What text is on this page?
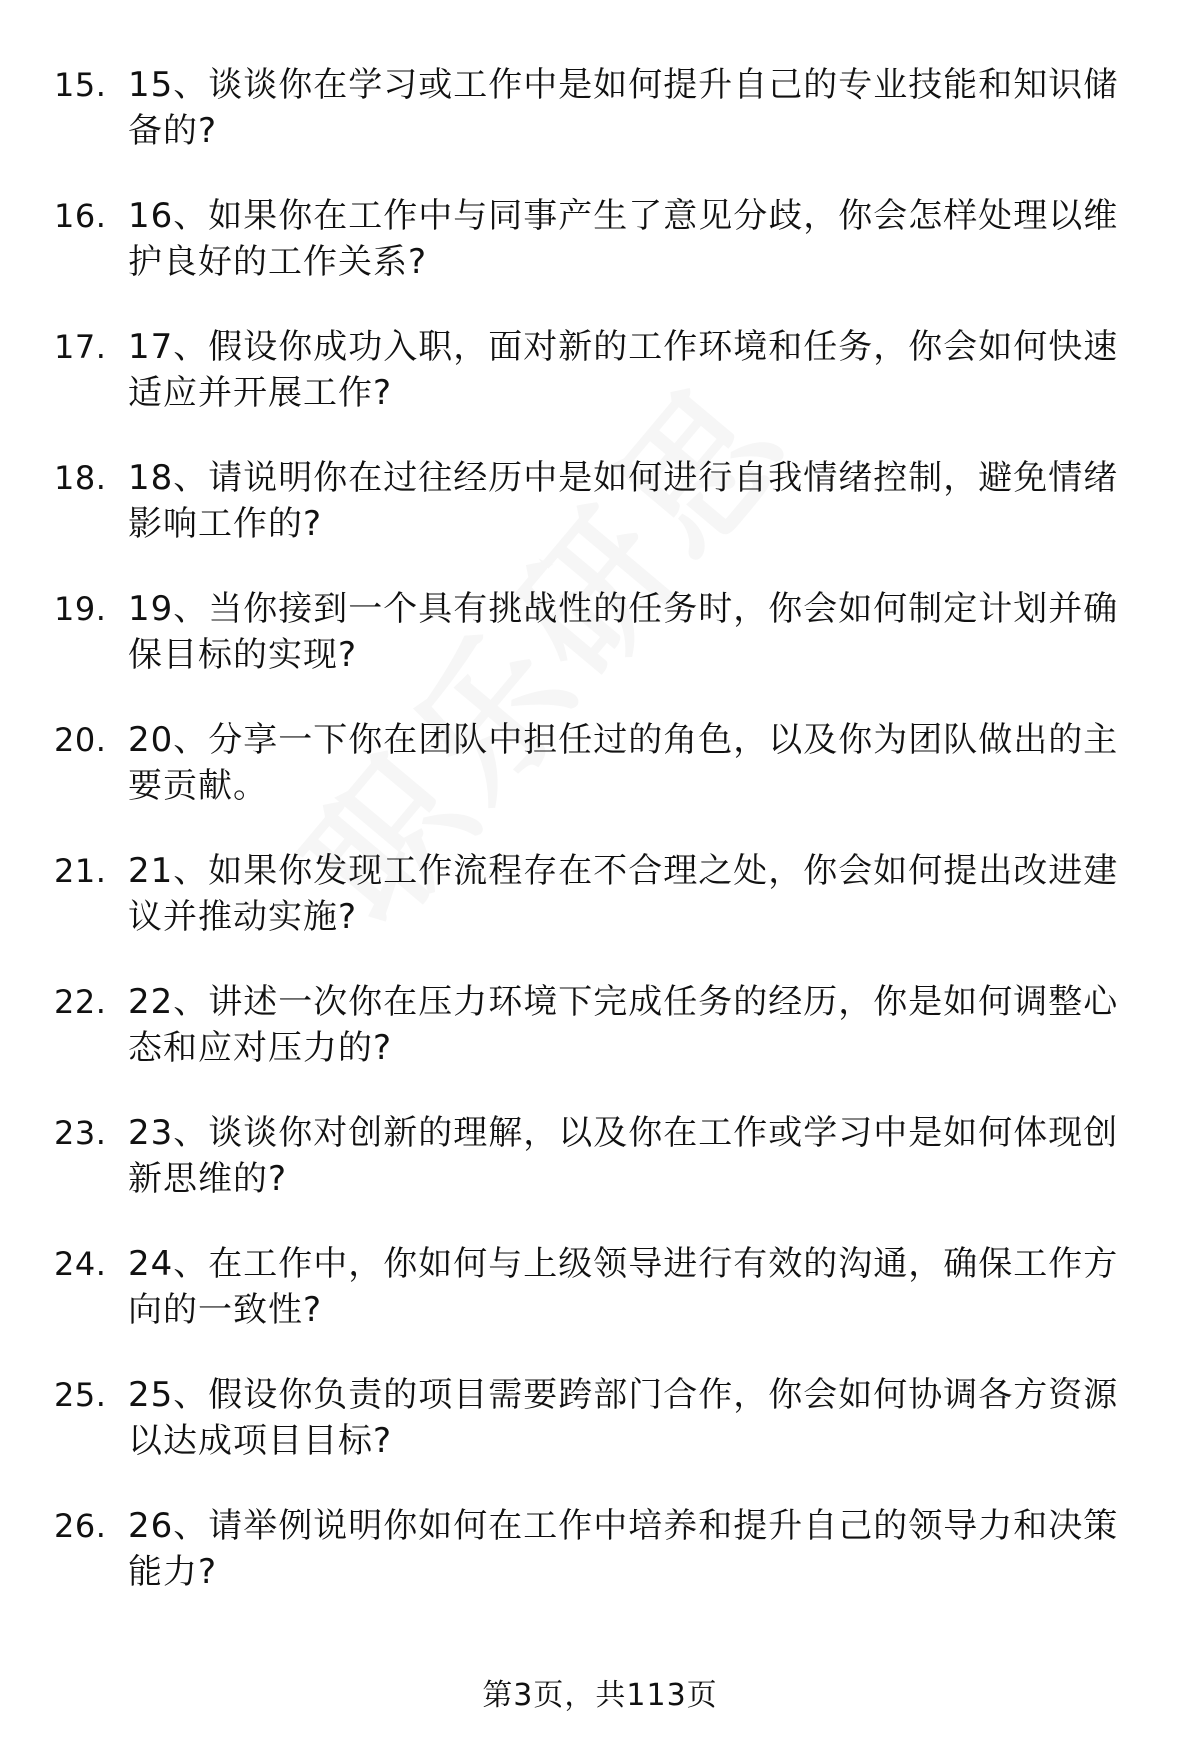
15. 15、谈谈你在学习或工作中是如何提升自己的专业技能和知识储备的?
16. 16、如果你在工作中与同事产生了意见分歧，你会怎样处理以维护良好的工作关系?
17. 17、假设你成功入职，面对新的工作环境和任务，你会如何快速适应并开展工作?
18. 18、请说明你在过往经历中是如何进行自我情绪控制，避免情绪影响工作的?
19. 19、当你接到一个具有挑战性的任务时，你会如何制定计划并确保目标的实现?
20. 20、分享一下你在团队中担任过的角色，以及你为团队做出的主要贡献。
21. 21、如果你发现工作流程存在不合理之处，你会如何提出改进建议并推动实施?
22. 22、讲述一次你在压力环境下完成任务的经历，你是如何调整心态和应对压力的?
23. 23、谈谈你对创新的理解，以及你在工作或学习中是如何体现创新思维的?
24. 24、在工作中，你如何与上级领导进行有效的沟通，确保工作方向的一致性?
25. 25、假设你负责的项目需要跨部门合作，你会如何协调各方资源以达成项目目标?
26. 26、请举例说明你如何在工作中培养和提升自己的领导力和决策能力?
第3页，共113页
